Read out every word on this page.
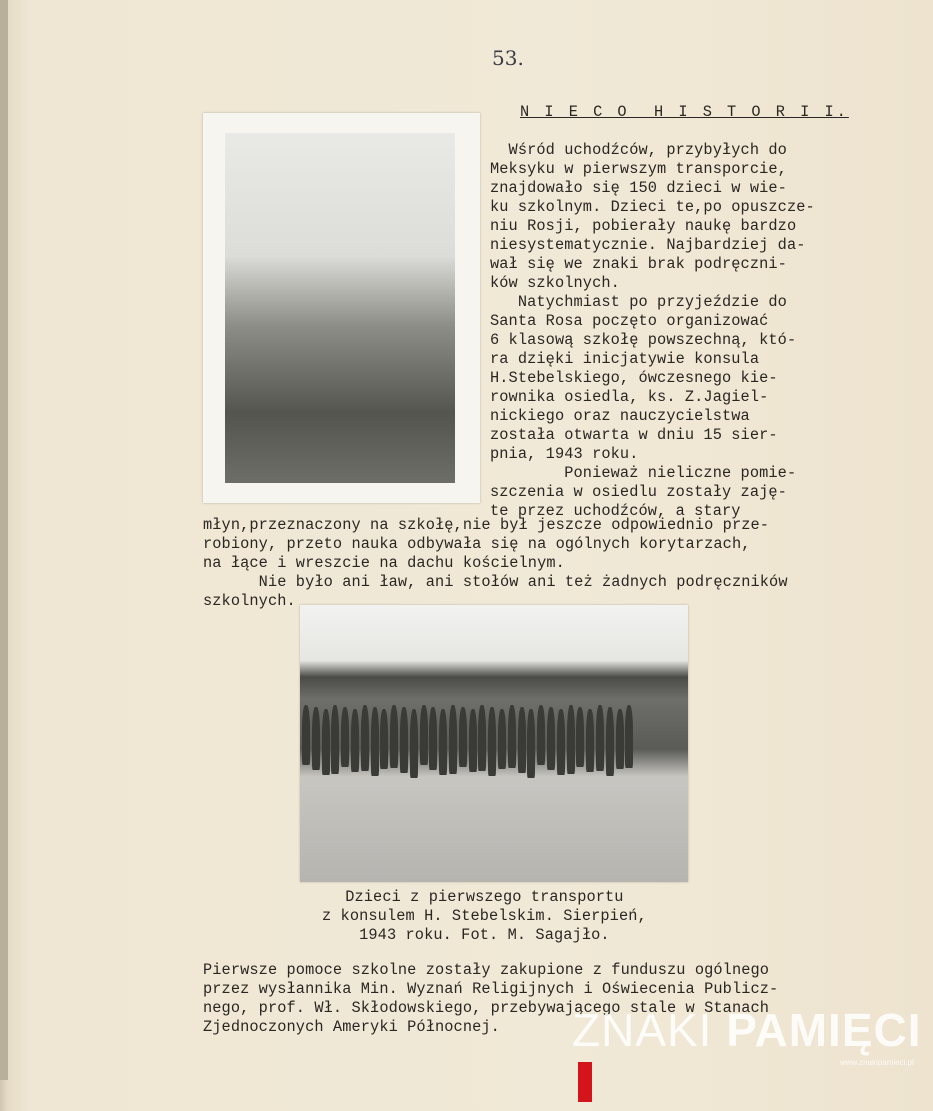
53.
N I E C O  H I S T O R I I.
Wśród uchodźców, przybyłych do
Meksyku w pierwszym transporcie,
znajdowało się 150 dzieci w wie-
ku szkolnym. Dzieci te,po opuszcze-
niu Rosji, pobierały naukę bardzo
niesystematycznie. Najbardziej da-
wał się we znaki brak podręczni-
ków szkolnych.
Natychmiast po przyjeździe do
Santa Rosa poczęto organizować
6 klasową szkołę powszechną, któ-
ra dzięki inicjatywie konsula
H.Stebelskiego, ówczesnego kie-
rownika osiedla, ks. Z.Jagiel-
nickiego oraz nauczycielstwa
została otwarta w dniu 15 sier-
pnia, 1943 roku.
Ponieważ nieliczne pomie-
szczenia w osiedlu zostały zaję-
te przez uchodźców, a stary
młyn,przeznaczony na szkołę,nie był jeszcze odpowiednio prze-
robiony, przeto nauka odbywała się na ogólnych korytarzach,
na łące i wreszcie na dachu kościelnym.
Nie było ani ław, ani stołów ani też żadnych podręczników
szkolnych.
Dzieci z pierwszego transportu
z konsulem H. Stebelskim. Sierpień,
1943 roku. Fot. M. Sagajło.
Pierwsze pomoce szkolne zostały zakupione z funduszu ogólnego
przez wysłannika Min. Wyznań Religijnych i Oświecenia Publicz-
nego, prof. Wł. Skłodowskiego, przebywającego stale w Stanach
Zjednoczonych Ameryki Północnej.	ZNAKI PAMIĘCI
www.znakipamieci.pl
